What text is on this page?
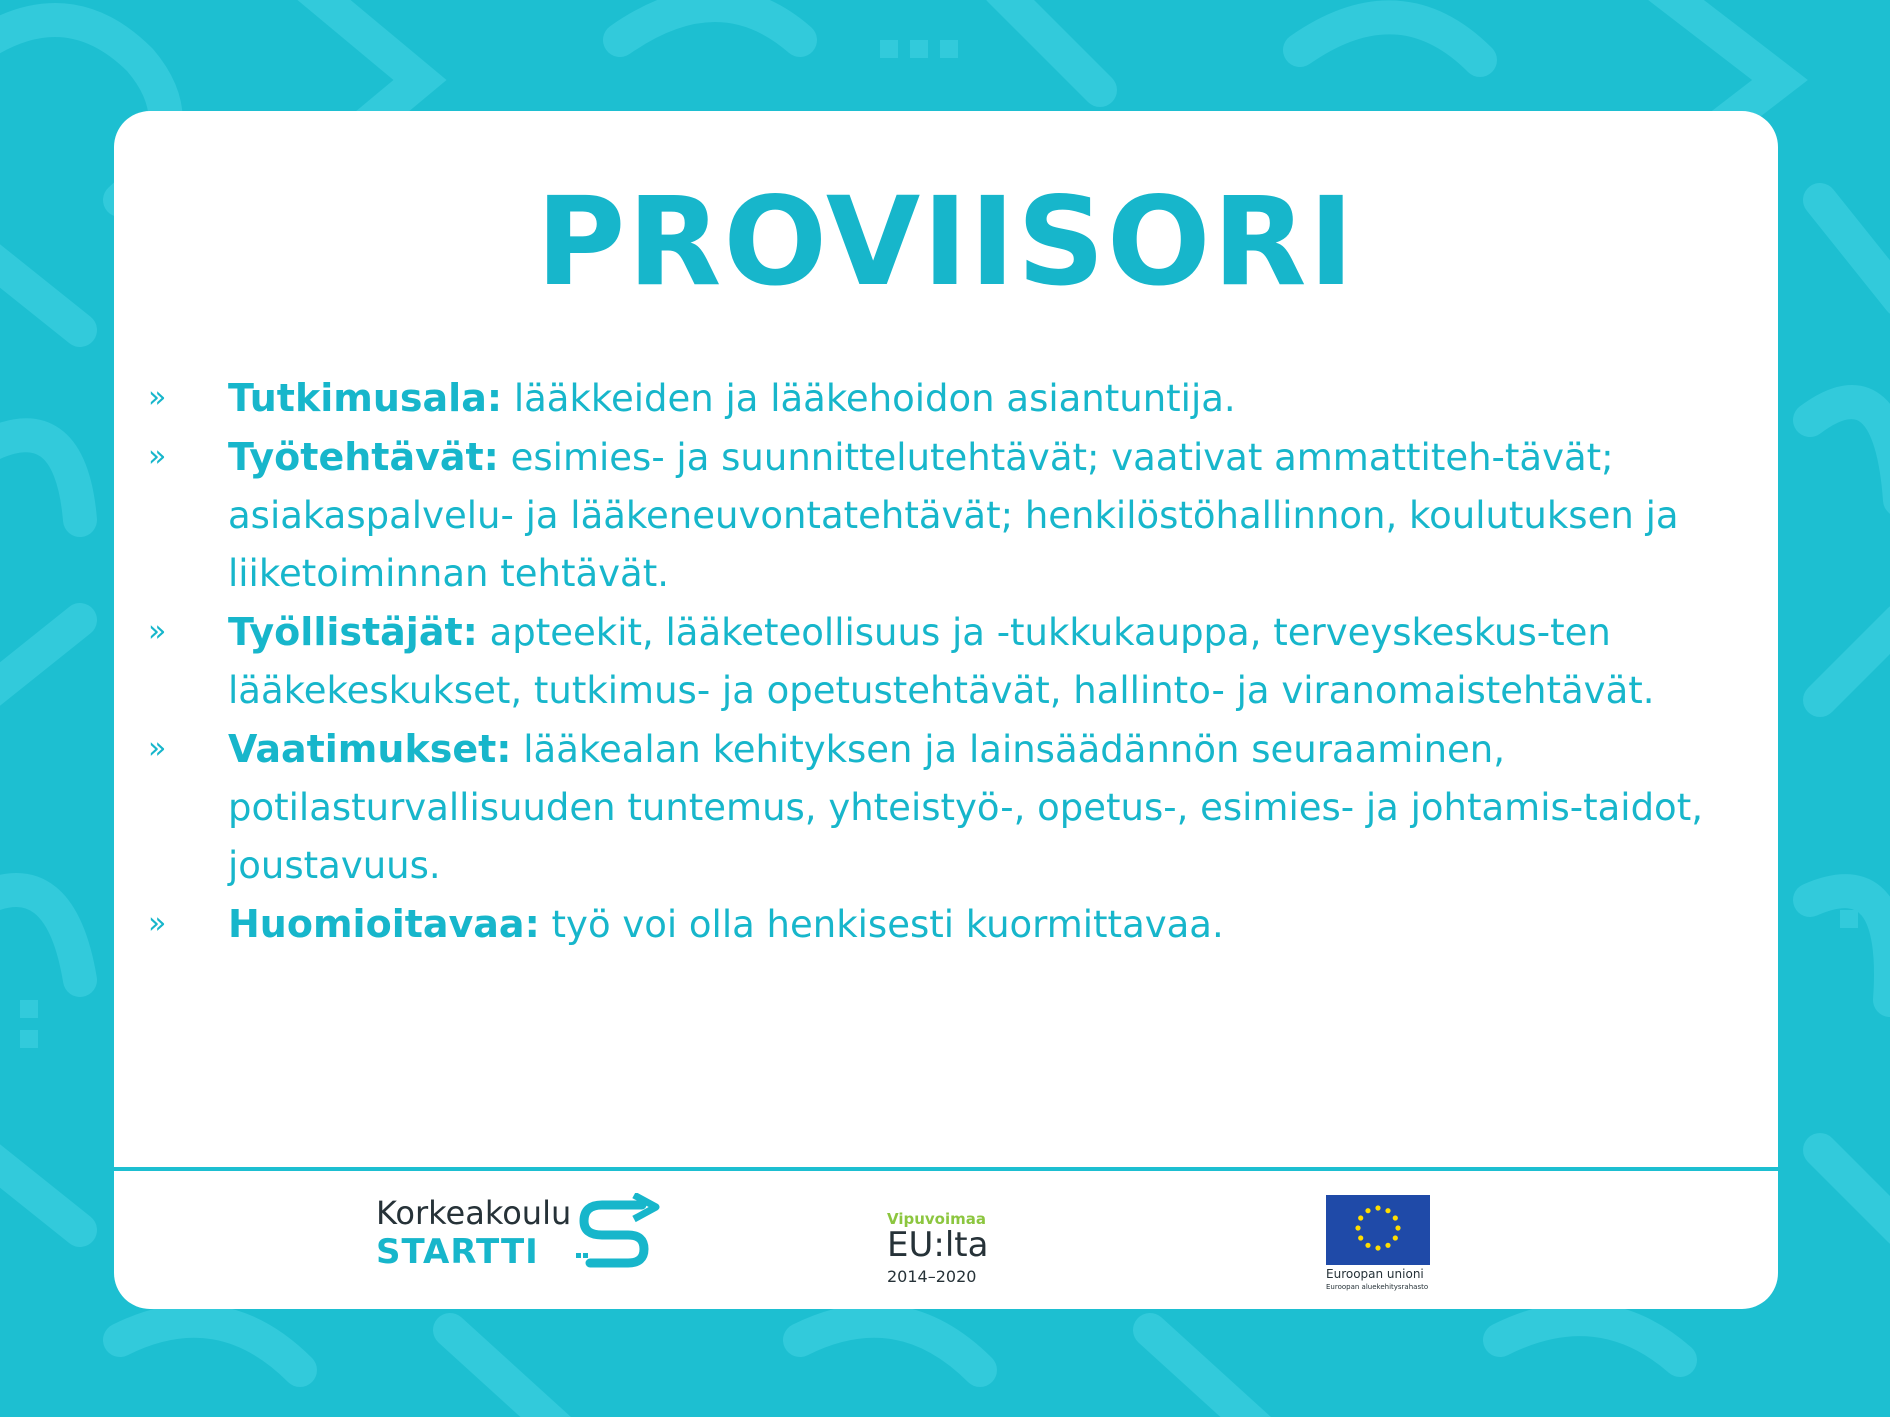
PROVIISORI
»	Tutkimusala: lääkkeiden ja lääkehoidon asiantuntija.
»	Työtehtävät: esimies- ja suunnittelutehtävät; vaativat ammattiteh-tävät; asiakaspalvelu- ja lääkeneuvontatehtävät; henkilöstöhallinnon, koulutuksen ja liiketoiminnan tehtävät.
»	Työllistäjät: apteekit, lääketeollisuus ja -tukkukauppa, terveyskeskus-ten lääkekeskukset, tutkimus- ja opetustehtävät, hallinto- ja viranomaistehtävät.
»	Vaatimukset: lääkealan kehityksen ja lainsäädännön seuraaminen, potilasturvallisuuden tuntemus, yhteistyö-, opetus-, esimies- ja johtamis-taidot, joustavuus.
»	Huomioitavaa: työ voi olla henkisesti kuormittavaa.
Korkeakoulu
STARTTI
Vipuvoimaa
EU:lta
2014–2020	Euroopan unioni
Euroopan aluekehitysrahasto
